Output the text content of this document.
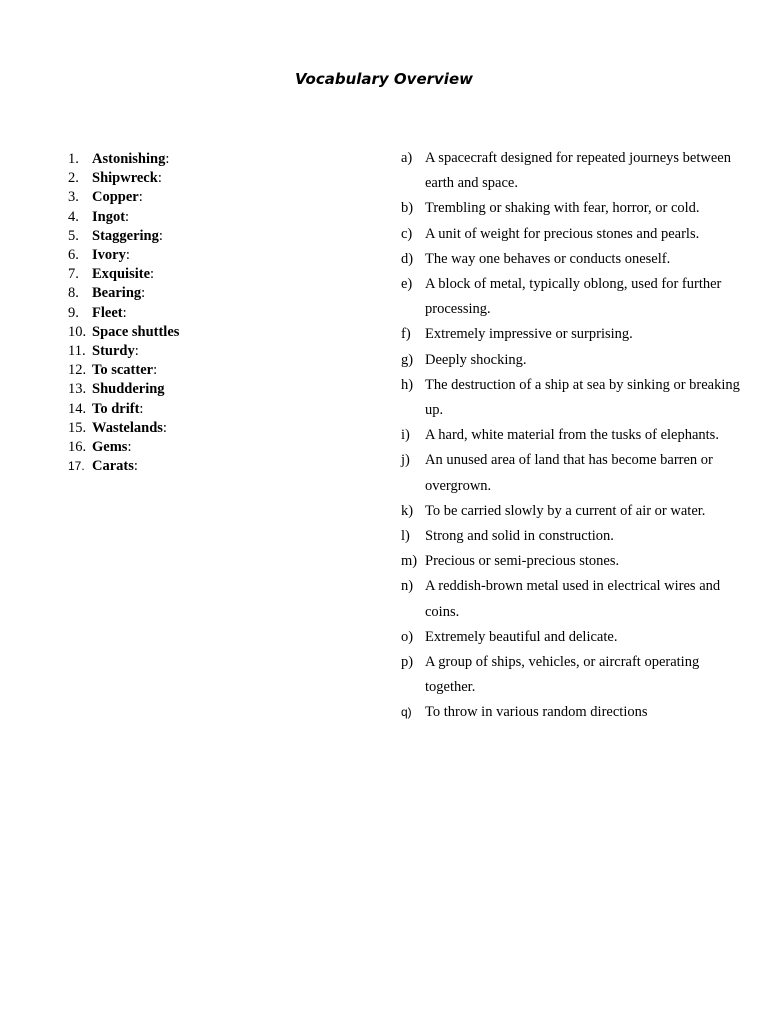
Vocabulary Overview
1. Astonishing:
2. Shipwreck:
3. Copper:
4. Ingot:
5. Staggering:
6. Ivory:
7. Exquisite:
8. Bearing:
9. Fleet:
10. Space shuttles
11. Sturdy:
12. To scatter:
13. Shuddering
14. To drift:
15. Wastelands:
16. Gems:
17. Carats:
a) A spacecraft designed for repeated journeys between earth and space.
b) Trembling or shaking with fear, horror, or cold.
c) A unit of weight for precious stones and pearls.
d) The way one behaves or conducts oneself.
e) A block of metal, typically oblong, used for further processing.
f) Extremely impressive or surprising.
g) Deeply shocking.
h) The destruction of a ship at sea by sinking or breaking up.
i)	A hard, white material from the tusks of elephants.
j)	An unused area of land that has become barren or overgrown.
k) To be carried slowly by a current of air or water.
l)	Strong and solid in construction.
m) Precious or semi-precious stones.
n) A reddish-brown metal used in electrical wires and coins.
o) Extremely beautiful and delicate.
p) A group of ships, vehicles, or aircraft operating together.
q) To throw in various random directions
